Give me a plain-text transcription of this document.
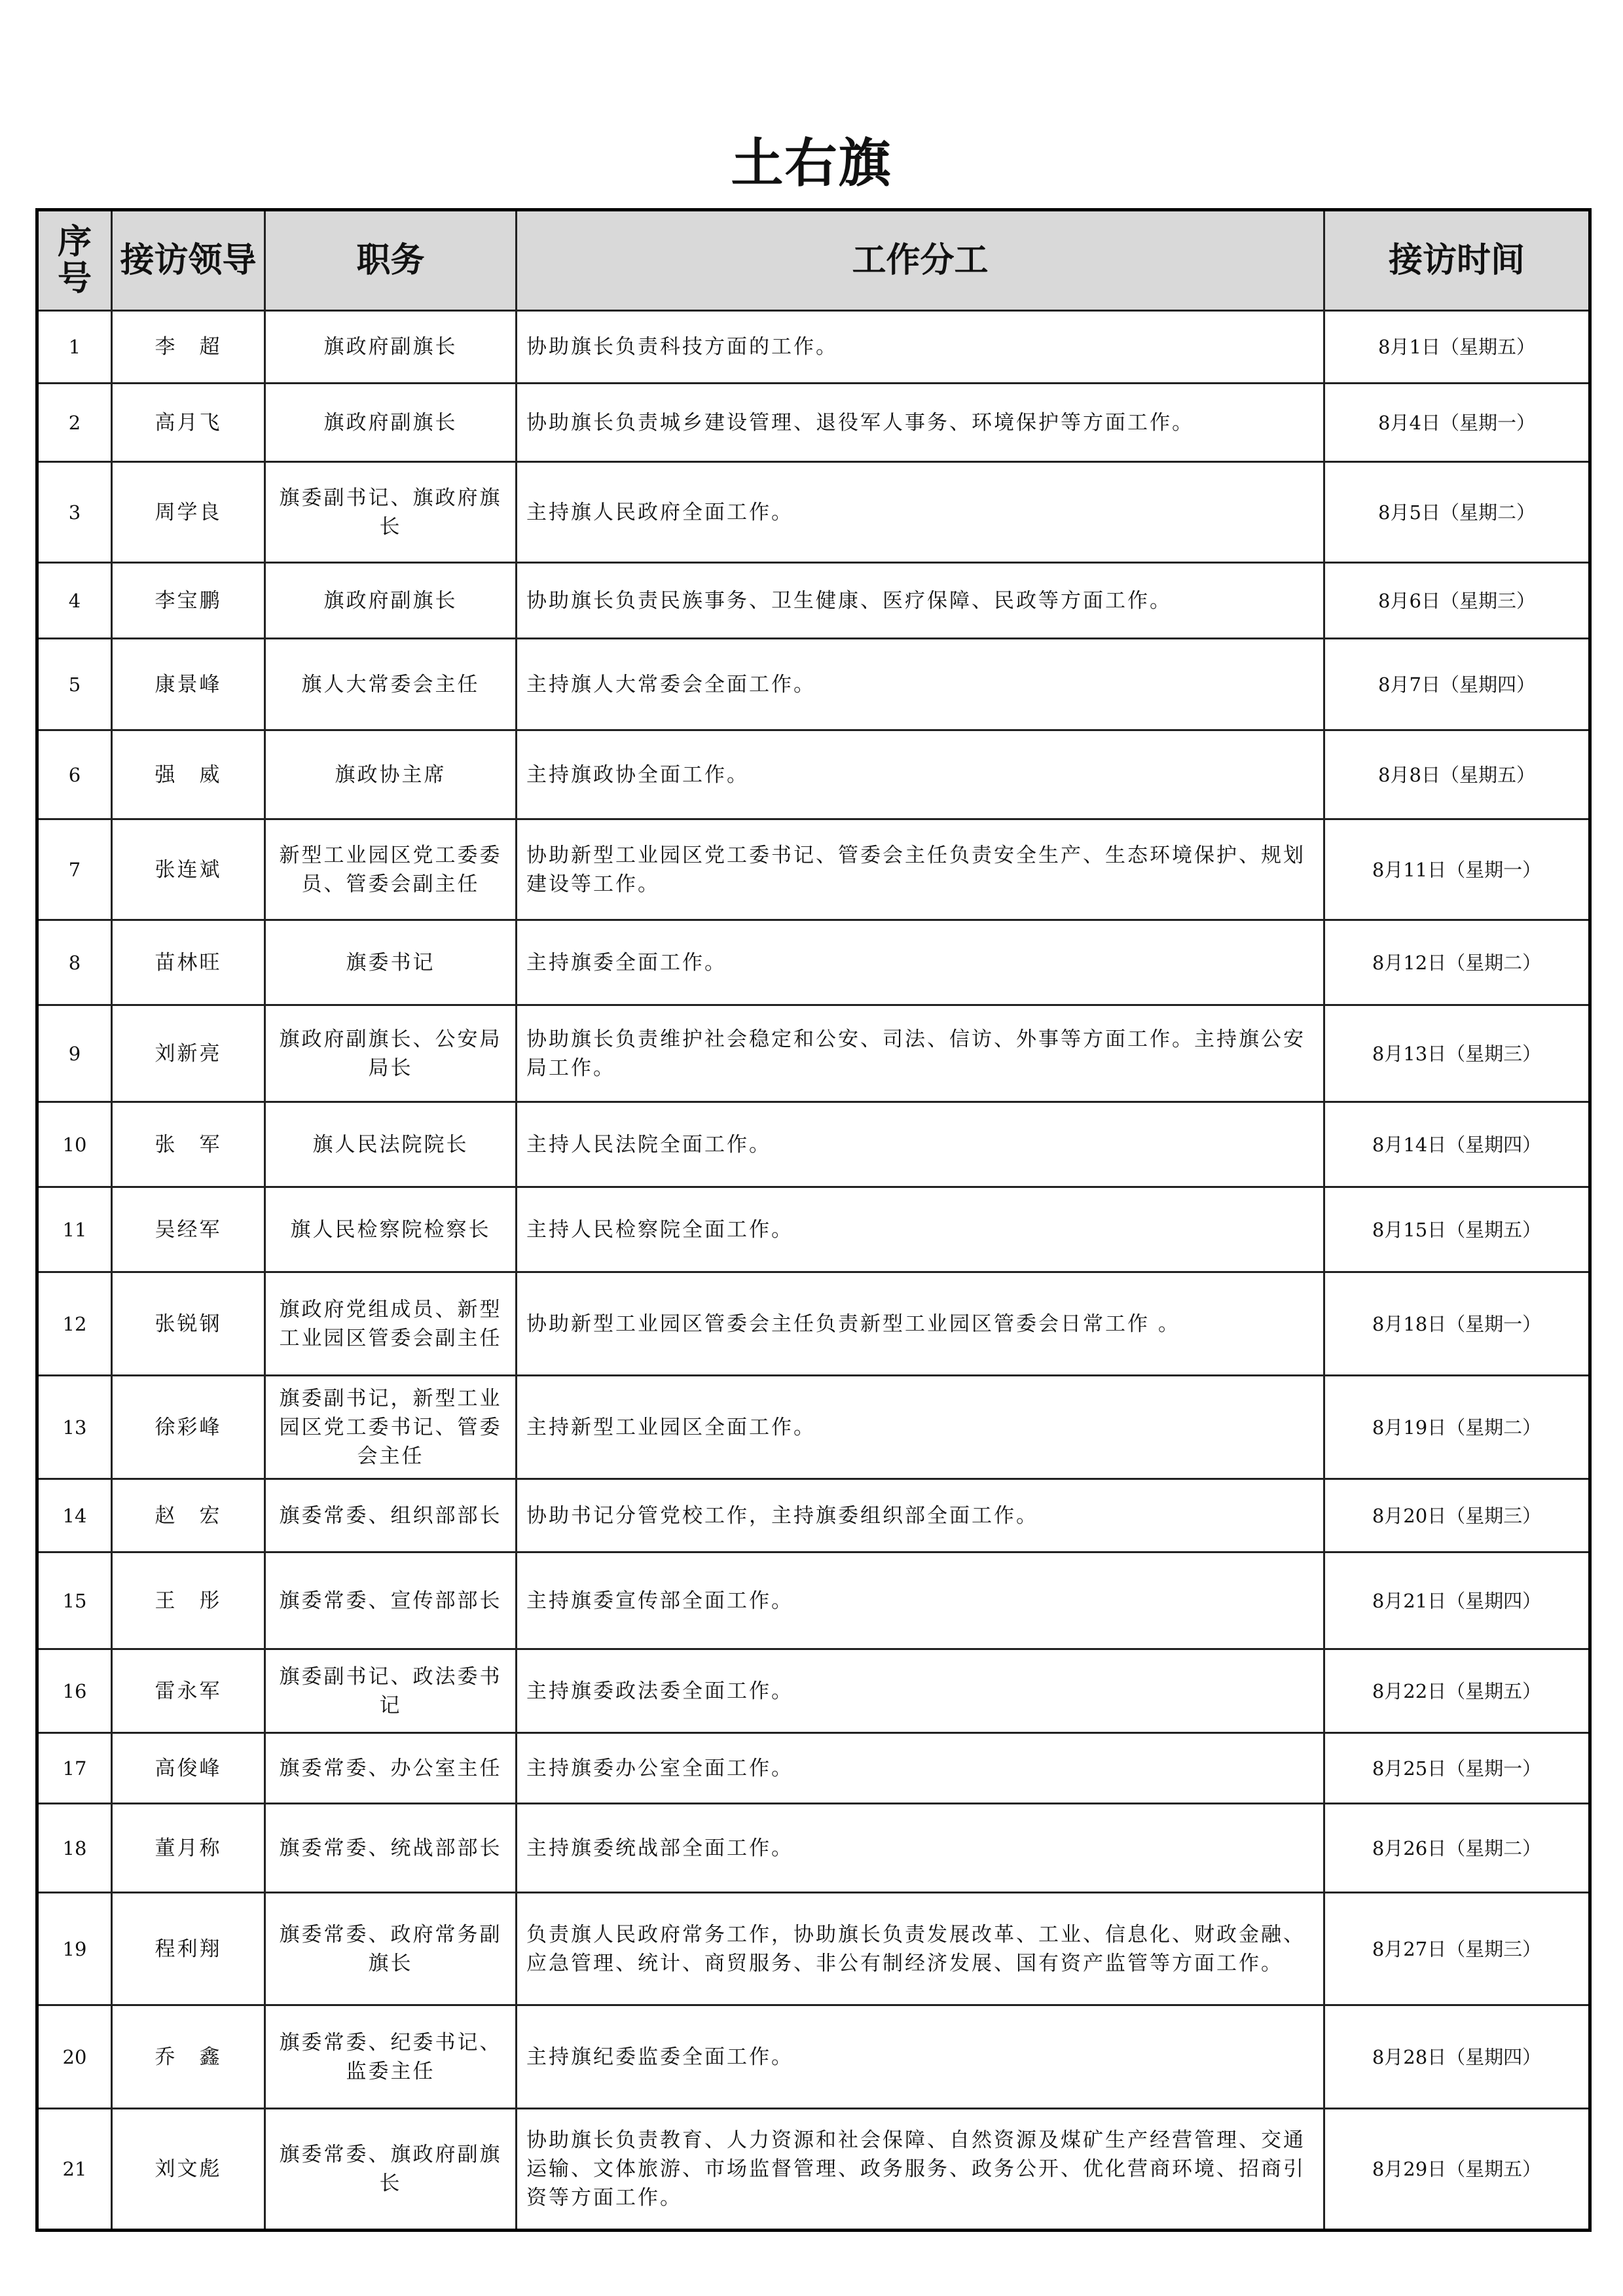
土右旗
序
号	接访领导	职务	工作分工	接访时间
1	李　超	旗政府副旗长	协助旗长负责科技方面的工作。	8月1日（星期五）
2	高月飞	旗政府副旗长	协助旗长负责城乡建设管理、退役军人事务、环境保护等方面工作。	8月4日（星期一）
3	周学良	旗委副书记、旗政府旗长	主持旗人民政府全面工作。	8月5日（星期二）
4	李宝鹏	旗政府副旗长	协助旗长负责民族事务、卫生健康、医疗保障、民政等方面工作。	8月6日（星期三）
5	康景峰	旗人大常委会主任	主持旗人大常委会全面工作。	8月7日（星期四）
6	强　威	旗政协主席	主持旗政协全面工作。	8月8日（星期五）
7	张连斌	新型工业园区党工委委员、管委会副主任	协助新型工业园区党工委书记、管委会主任负责安全生产、生态环境保护、规划建设等工作。	8月11日（星期一）
8	苗林旺	旗委书记	主持旗委全面工作。	8月12日（星期二）
9	刘新亮	旗政府副旗长、公安局局长	协助旗长负责维护社会稳定和公安、司法、信访、外事等方面工作。主持旗公安局工作。	8月13日（星期三）
10	张　军	旗人民法院院长	主持人民法院全面工作。	8月14日（星期四）
11	吴经军	旗人民检察院检察长	主持人民检察院全面工作。	8月15日（星期五）
12	张锐钢	旗政府党组成员、新型工业园区管委会副主任	协助新型工业园区管委会主任负责新型工业园区管委会日常工作 。	8月18日（星期一）
13	徐彩峰	旗委副书记，新型工业园区党工委书记、管委会主任	主持新型工业园区全面工作。	8月19日（星期二）
14	赵　宏	旗委常委、组织部部长	协助书记分管党校工作，主持旗委组织部全面工作。	8月20日（星期三）
15	王　彤	旗委常委、宣传部部长	主持旗委宣传部全面工作。	8月21日（星期四）
16	雷永军	旗委副书记、政法委书记	主持旗委政法委全面工作。	8月22日（星期五）
17	高俊峰	旗委常委、办公室主任	主持旗委办公室全面工作。	8月25日（星期一）
18	董月称	旗委常委、统战部部长	主持旗委统战部全面工作。	8月26日（星期二）
19	程利翔	旗委常委、政府常务副旗长	负责旗人民政府常务工作，协助旗长负责发展改革、工业、信息化、财政金融、应急管理、统计、商贸服务、非公有制经济发展、国有资产监管等方面工作。	8月27日（星期三）
20	乔　鑫	旗委常委、纪委书记、监委主任	主持旗纪委监委全面工作。	8月28日（星期四）
21	刘文彪	旗委常委、旗政府副旗长	协助旗长负责教育、人力资源和社会保障、自然资源及煤矿生产经营管理、交通运输、文体旅游、市场监督管理、政务服务、政务公开、优化营商环境、招商引资等方面工作。	8月29日（星期五）
